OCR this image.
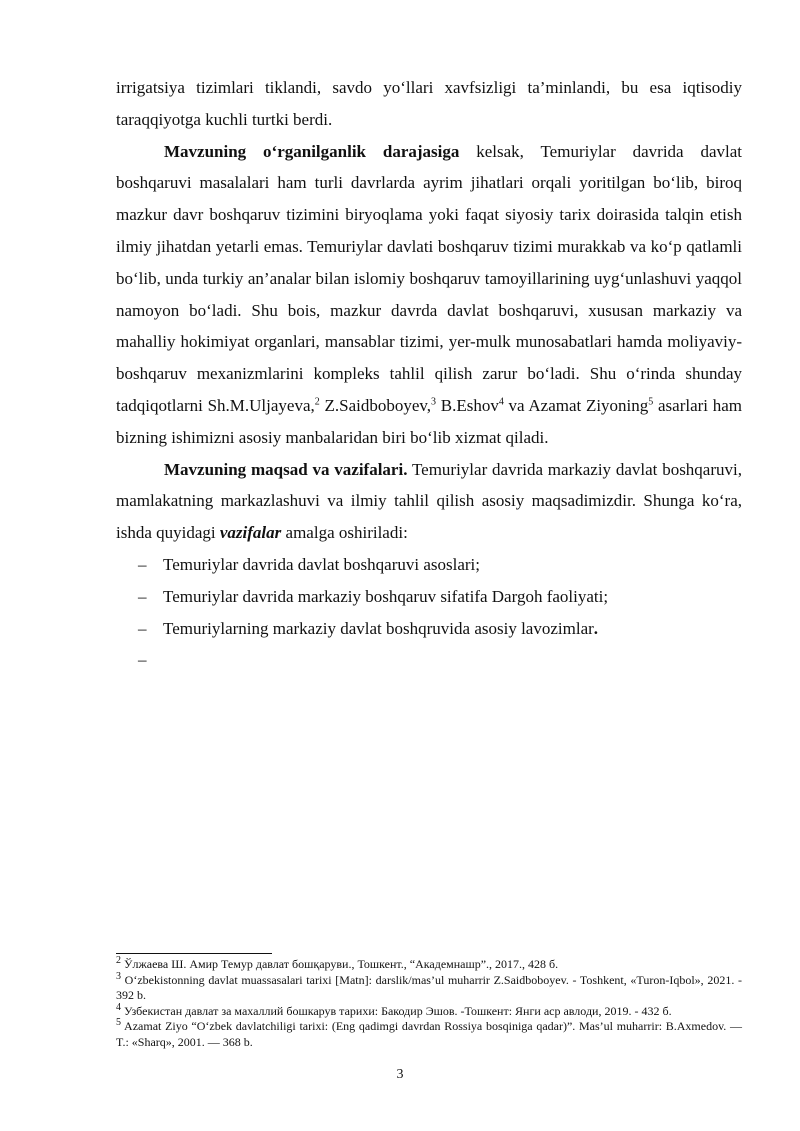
irrigatsiya tizimlari tiklandi, savdo yo‘llari xavfsizligi ta’minlandi, bu esa iqtisodiy taraqqiyotga kuchli turtki berdi.

Mavzuning o‘rganilganlik darajasiga kelsak, Temuriylar davrida davlat boshqaruvi masalalari ham turli davrlarda ayrim jihatlari orqali yoritilgan bo‘lib, biroq mazkur davr boshqaruv tizimini biryoqlama yoki faqat siyosiy tarix doirasida talqin etish ilmiy jihatdan yetarli emas. Temuriylar davlati boshqaruv tizimi murakkab va ko‘p qatlamli bo‘lib, unda turkiy an’analar bilan islomiy boshqaruv tamoyillarining uyg‘unlashuvi yaqqol namoyon bo‘ladi. Shu bois, mazkur davrda davlat boshqaruvi, xususan markaziy va mahalliy hokimiyat organlari, mansablar tizimi, yer-mulk munosabatlari hamda moliyaviy-boshqaruv mexanizmlarini kompleks tahlil qilish zarur bo‘ladi. Shu o‘rinda shunday tadqiqotlarni Sh.M.Uljayeva,$^2$ Z.Saidboboyev,$^3$ B.Eshov$^4$ va Azamat Ziyoning$^5$ asarlari ham bizning ishimizni asosiy manbalaridan biri bo‘lib xizmat qiladi.

Mavzuning maqsad va vazifalari. Temuriylar davrida markaziy davlat boshqaruvi, mamlakatning markazlashuvi va ilmiy tahlil qilish asosiy maqsadimizdir. Shunga ko‘ra, ishda quyidagi vazifalar amalga oshiriladi:

– Temuriylar davrida davlat boshqaruvi asoslari;
– Temuriylar davrida markaziy boshqaruv sifatifa Dargoh faoliyati;
– Temuriylarning markaziy davlat boshqruvida asosiy lavozimlar.
–

$^2$ Ўлжаева Ш. Амир Темур давлат бошқаруви., Тошкент., “Академнашр”., 2017., 428 б.

$^3$ O‘zbekistonning davlat muassasalari tarixi [Matn]: darslik/mas’ul muharrir Z.Saidboboyev. - Toshkent, «Turon-Iqbol», 2021. - 392 b.

$^4$ Узбекистан давлат за махаллий бошкарув тарихи: Бакодир Эшов. -Тошкент: Янги аср авлоди, 2019. - 432 б.

$^5$ Azamat Ziyo “O‘zbek davlatchiligi tarixi: (Eng qadimgi davrdan Rossiya bosqiniga qadar)”. Mas’ul muharrir: B.Axmedov. — T.: «Sharq», 2001. — 368 b.

3
